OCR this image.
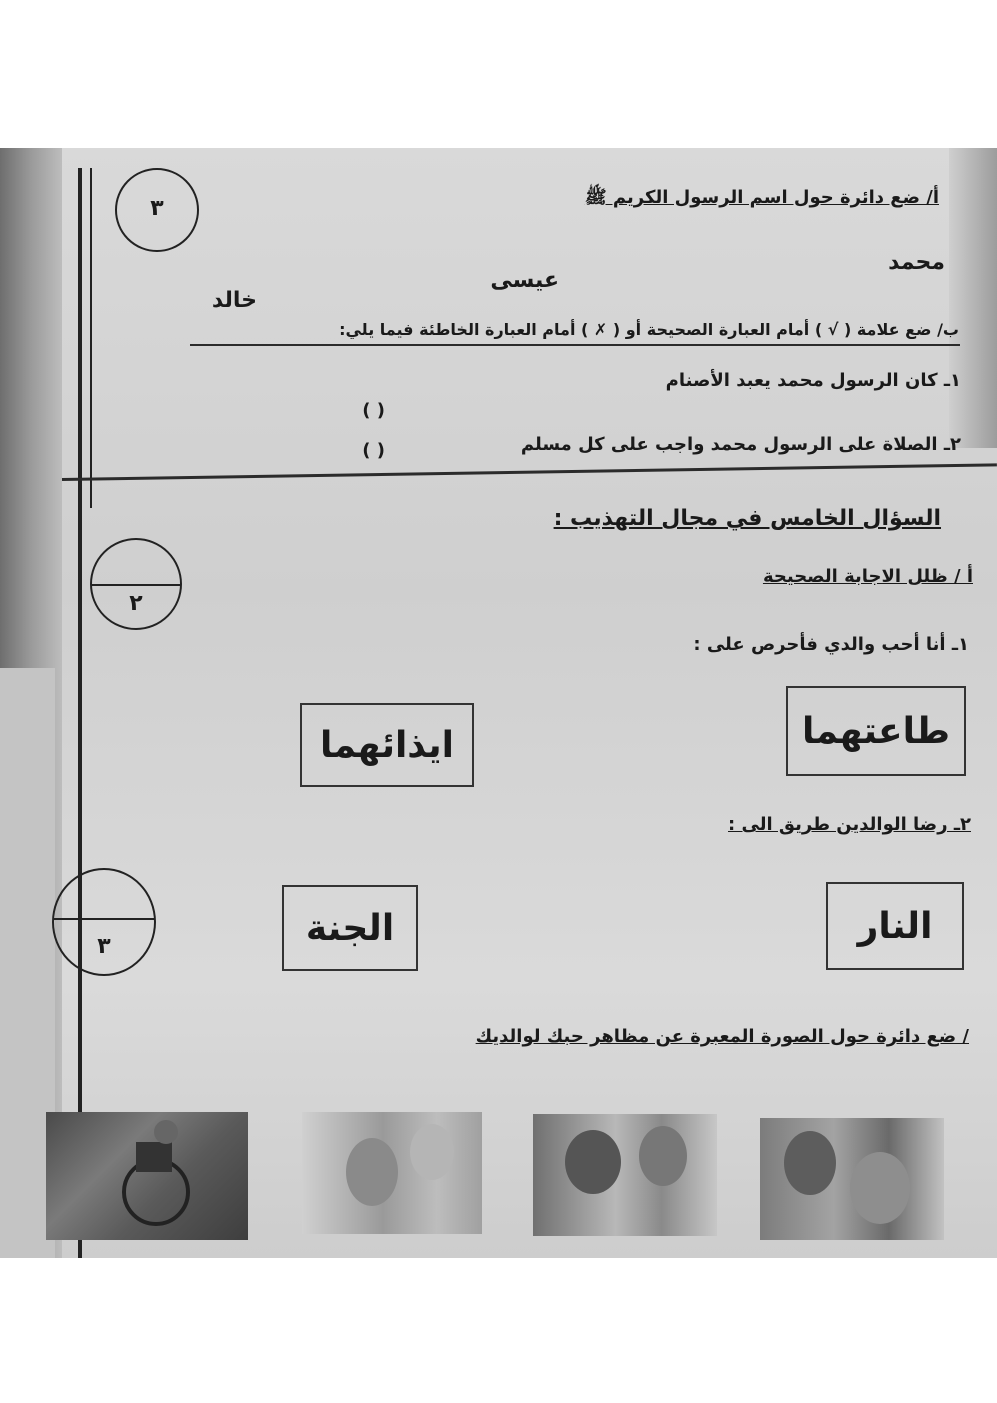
٣	أ/ ضع دائرة حول اسم الرسول الكريم ﷺ
محمد
عيسى
خالد
ب/ ضع علامة ( √ ) أمام العبارة الصحيحة أو ( ✗ ) أمام العبارة الخاطئة فيما يلي:
١ـ كان الرسول محمد يعبد الأصنام
( )
٢ـ الصلاة على الرسول محمد واجب على كل مسلم
( )
السؤال الخامس في مجال التهذيب :
٢
أ / ظلل الاجابة الصحيحة
١ـ أنا أحب والدي فأحرص على :
طاعتهما
ايذائهما
٢ـ رضا الوالدين طريق الى :
٣
النار
الجنة
/ ضع دائرة حول الصورة المعبرة عن مظاهر حبك لوالديك
